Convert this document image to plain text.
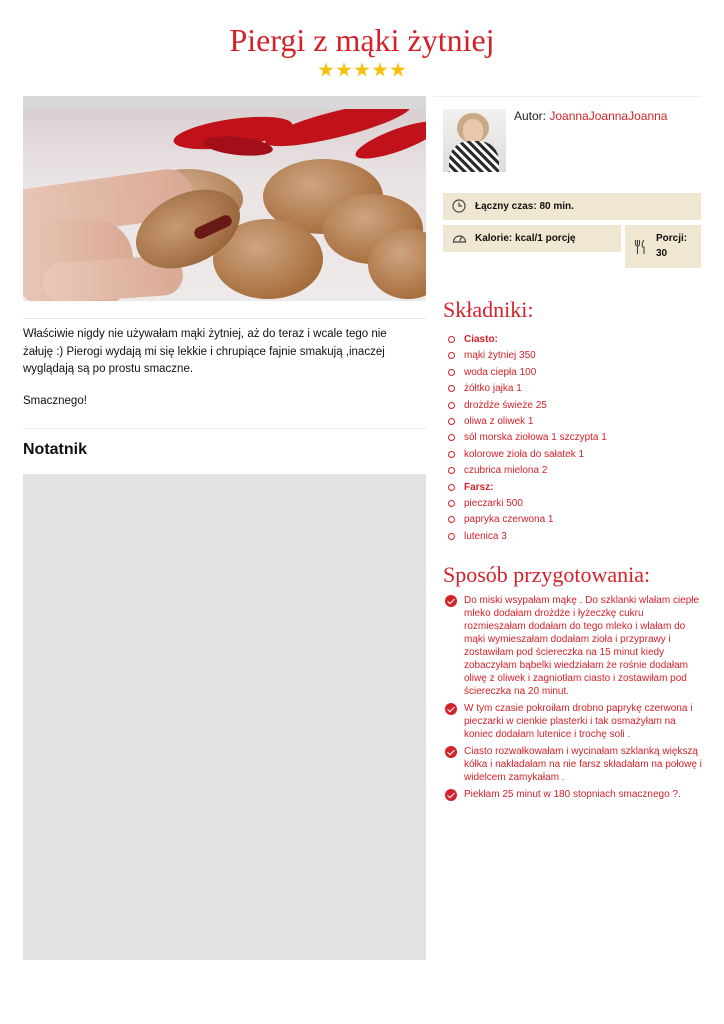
Piergi z mąki żytniej

Właściwie nigdy nie używałam mąki żytniej, aż do teraz i wcale tego nie żałuję :) Pierogi wydają mi się lekkie i chrupiące fajnie smakują ,inaczej wyglądają są po prostu smaczne.

Smacznego!

Notatnik
Autor: JoannaJoannaJoanna
Łączny czas: 80 min.
Kalorie: kcal/1 porcję	Porcji:
30
Składniki:
Ciasto:
mąki żytniej 350
woda ciepła 100
żółtko jajka 1
drożdże świeże 25
oliwa z oliwek 1
sól morska ziołowa 1 szczypta 1
kolorowe zioła do sałatek 1
czubrica mielona 2
Farsz:
pieczarki 500
papryka czerwona 1
lutenica 3
Sposób przygotowania:
Do miski wsypałam mąkę . Do szklanki wlałam ciepłe mleko dodałam drożdże i łyżeczkę cukru rozmieszałam dodałam do tego mleko i wlałam do mąki wymieszałam dodałam zioła i przyprawy i zostawiłam pod ściereczka na 15 minut kiedy zobaczyłam bąbelki wiedziałam że rośnie dodałam oliwę z oliwek i zagniotłam ciasto i zostawiłam pod ściereczka na 20 minut.
W tym czasie pokroiłam drobno paprykę czerwona i pieczarki w cienkie plasterki i tak osmażyłam na koniec dodałam lutenice i trochę soli .
Ciasto rozwałkowałam i wycinałam szklanką większą kółka i nakładałam na nie farsz składałam na połowę i widelcem zamykałam .
Piekłam 25 minut w 180 stopniach smacznego ?.
